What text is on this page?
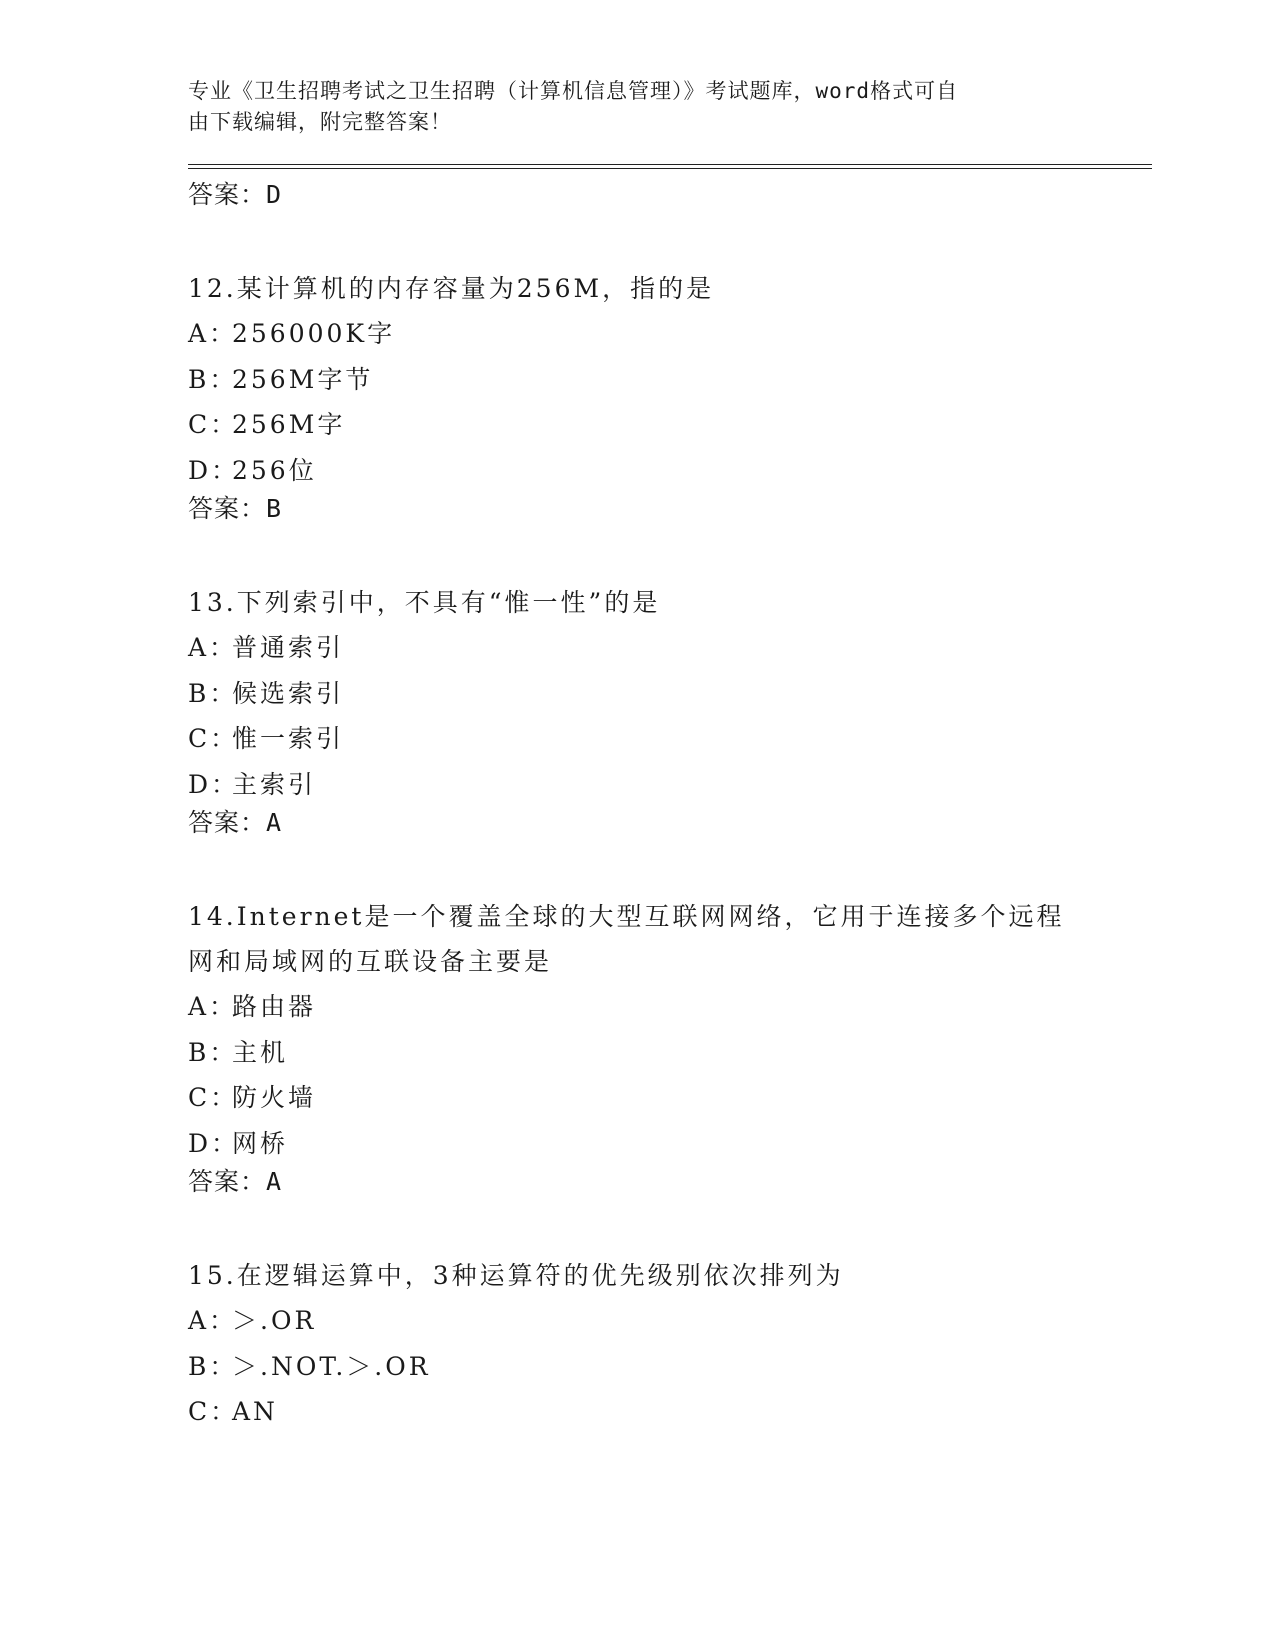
专业《卫生招聘考试之卫生招聘（计算机信息管理）》考试题库，word格式可自
由下载编辑，附完整答案！
答案：D
12.某计算机的内存容量为256M，指的是
A：256000K字
B：256M字节
C：256M字
D：256位
答案：B
13.下列索引中，不具有“惟一性”的是
A：普通索引
B：候选索引
C：惟一索引
D：主索引
答案：A
14.Internet是一个覆盖全球的大型互联网网络，它用于连接多个远程网和局域网的互联设备主要是
A：路由器
B：主机
C：防火墙
D：网桥
答案：A
15.在逻辑运算中，3种运算符的优先级别依次排列为
A：＞.OR
B：＞.NOT.＞.OR
C：AN
